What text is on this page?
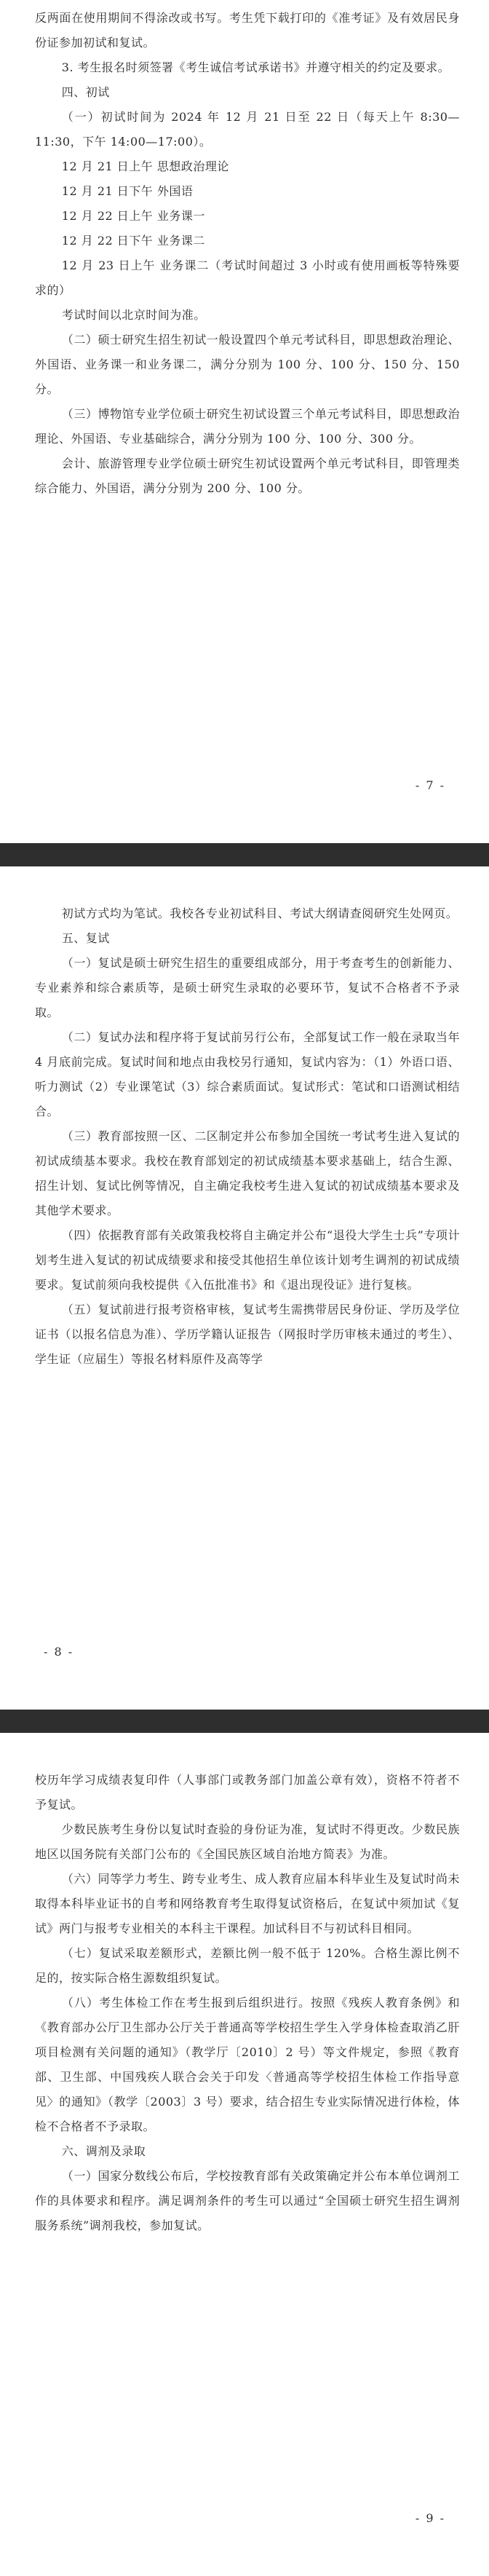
反两面在使用期间不得涂改或书写。考生凭下载打印的《准考证》及有效居民身份证参加初试和复试。

3. 考生报名时须签署《考生诚信考试承诺书》并遵守相关的约定及要求。

四、初试

（一）初试时间为 2024 年 12 月 21 日至 22 日（每天上午 8:30—11:30，下午 14:00—17:00）。

12 月 21 日上午 思想政治理论

12 月 21 日下午 外国语

12 月 22 日上午 业务课一

12 月 22 日下午 业务课二

12 月 23 日上午 业务课二（考试时间超过 3 小时或有使用画板等特殊要求的）

考试时间以北京时间为准。

（二）硕士研究生招生初试一般设置四个单元考试科目，即思想政治理论、外国语、业务课一和业务课二，满分分别为 100 分、100 分、150 分、150 分。

（三）博物馆专业学位硕士研究生初试设置三个单元考试科目，即思想政治理论、外国语、专业基础综合，满分分别为 100 分、100 分、300 分。

会计、旅游管理专业学位硕士研究生初试设置两个单元考试科目，即管理类综合能力、外国语，满分分别为 200 分、100 分。

- 7 -

初试方式均为笔试。我校各专业初试科目、考试大纲请查阅研究生处网页。

五、复试

（一）复试是硕士研究生招生的重要组成部分，用于考查考生的创新能力、专业素养和综合素质等，是硕士研究生录取的必要环节，复试不合格者不予录取。

（二）复试办法和程序将于复试前另行公布，全部复试工作一般在录取当年 4 月底前完成。复试时间和地点由我校另行通知，复试内容为：（1）外语口语、听力测试（2）专业课笔试（3）综合素质面试。复试形式：笔试和口语测试相结合。

（三）教育部按照一区、二区制定并公布参加全国统一考试考生进入复试的初试成绩基本要求。我校在教育部划定的初试成绩基本要求基础上，结合生源、招生计划、复试比例等情况，自主确定我校考生进入复试的初试成绩基本要求及其他学术要求。

（四）依据教育部有关政策我校将自主确定并公布“退役大学生士兵”专项计划考生进入复试的初试成绩要求和接受其他招生单位该计划考生调剂的初试成绩要求。复试前须向我校提供《入伍批准书》和《退出现役证》进行复核。

（五）复试前进行报考资格审核，复试考生需携带居民身份证、学历及学位证书（以报名信息为准）、学历学籍认证报告（网报时学历审核未通过的考生）、学生证（应届生）等报名材料原件及高等学

- 8 -

校历年学习成绩表复印件（人事部门或教务部门加盖公章有效），资格不符者不予复试。

少数民族考生身份以复试时查验的身份证为准，复试时不得更改。少数民族地区以国务院有关部门公布的《全国民族区域自治地方简表》为准。

（六）同等学力考生、跨专业考生、成人教育应届本科毕业生及复试时尚未取得本科毕业证书的自考和网络教育考生取得复试资格后，在复试中须加试《复试》两门与报考专业相关的本科主干课程。加试科目不与初试科目相同。

（七）复试采取差额形式，差额比例一般不低于 120%。合格生源比例不足的，按实际合格生源数组织复试。

（八）考生体检工作在考生报到后组织进行。按照《残疾人教育条例》和《教育部办公厅卫生部办公厅关于普通高等学校招生学生入学身体检查取消乙肝项目检测有关问题的通知》（教学厅〔2010〕2 号）等文件规定，参照《教育部、卫生部、中国残疾人联合会关于印发〈普通高等学校招生体检工作指导意见〉的通知》（教学〔2003〕3 号）要求，结合招生专业实际情况进行体检，体检不合格者不予录取。

六、调剂及录取

（一）国家分数线公布后，学校按教育部有关政策确定并公布本单位调剂工作的具体要求和程序。满足调剂条件的考生可以通过“全国硕士研究生招生调剂服务系统”调剂我校，参加复试。

- 9 -
